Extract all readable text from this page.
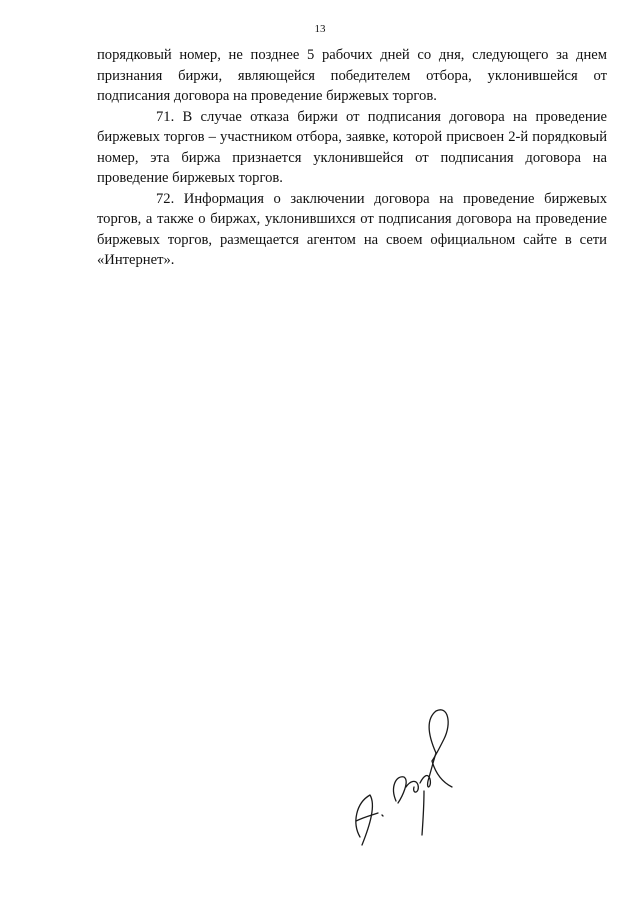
13

порядковый номер, не позднее 5 рабочих дней со дня, следующего за днем признания биржи, являющейся победителем отбора, уклонившейся от подписания договора на проведение биржевых торгов.

71. В случае отказа биржи от подписания договора на проведение биржевых торгов – участником отбора, заявке, которой присвоен 2-й порядковый номер, эта биржа признается уклонившейся от подписания договора на проведение биржевых торгов.

72. Информация о заключении договора на проведение биржевых торгов, а также о биржах, уклонившихся от подписания договора на проведение биржевых торгов, размещается агентом на своем официальном сайте в сети «Интернет».
